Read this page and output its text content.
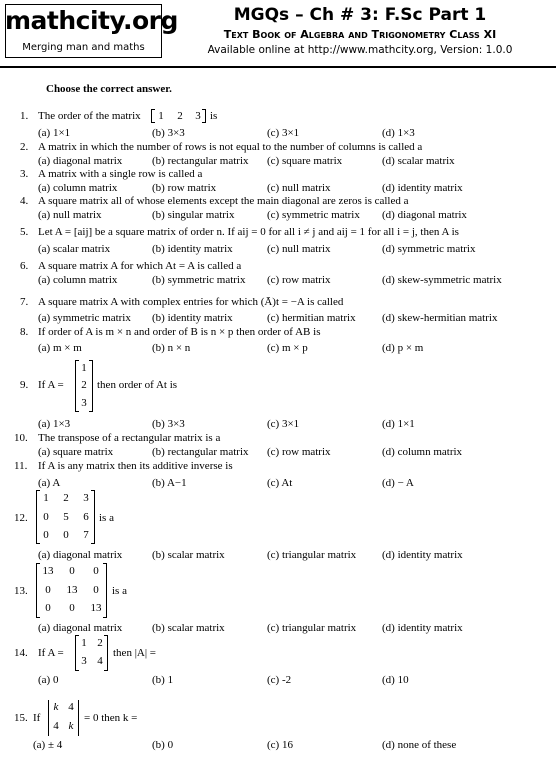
mathcity.org
Merging man and maths
MGQs – Ch # 3: F.Sc Part 1
Text Book of Algebra and Trigonometry Class XI
Available online at http://www.mathcity.org, Version: 1.0.0
Choose the correct answer.
1. The order of the matrix 1 2 3 is
(a) 1×1	(b) 3×3	(c) 3×1	(d) 1×3
2. A matrix in which the number of rows is not equal to the number of columns is called a
(a) diagonal matrix	(b) rectangular matrix (c) square matrix	(d) scalar matrix
3. A matrix with a single row is called a
(a) column matrix	(b) row matrix	(c) null matrix	(d) identity matrix
4. A square matrix all of whose elements except the main diagonal are zeros is called a
(a) null matrix	(b) singular matrix	(c) symmetric matrix (d) diagonal matrix
5. Let A = [aij] be a square matrix of order n. If aij = 0 for all i ≠ j and aij = 1 for all i = j, then A is
(a) scalar matrix	(b) identity matrix	(c) null matrix	(d) symmetric matrix
6. A square matrix A for which At = A is called a
(a) column matrix	(b) symmetric matrix (c) row matrix	(d) skew-symmetric matrix
7. A square matrix A with complex entries for which (Ā)t = −A is called
(a) symmetric matrix (b) identity matrix	(c) hermitian matrix (d) skew-hermitian matrix
8. If order of A is m × n and order of B is n × p then order of AB is
(a) m × m	(b) n × n	(c) m × p	(d) p × m
9. If A =
1
2
3
then order of At is
(a) 1×3	(b) 3×3	(c) 3×1	(d) 1×1
10. The transpose of a rectangular matrix is a
(a) square matrix	(b) rectangular matrix (c) row matrix	(d) column matrix
11. If A is any matrix then its additive inverse is
(a) A	(b) A−1	(c) At	(d) − A
12.
1 2 3
0 5 6
0 0 7
is a
(a) diagonal matrix	(b) scalar matrix	(c) triangular matrix (d) identity matrix
13.
13	0	0
0	13	0
0	0	13
is a
(a) diagonal matrix	(b) scalar matrix	(c) triangular matrix (d) identity matrix
14. If A =
1 2
3 4
then |A| =
(a) 0	(b) 1	(c) -2	(d) 10
15. If
k 4
4 k
= 0 then k =
(a) ± 4	(b) 0	(c) 16	(d) none of these
